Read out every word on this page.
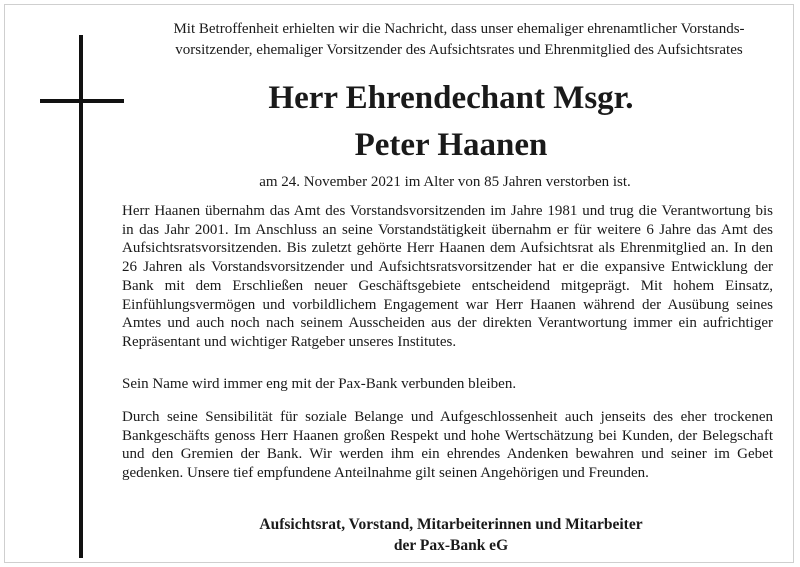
Mit Betroffenheit erhielten wir die Nachricht, dass unser ehemaliger ehrenamtlicher Vorstands-
vorsitzender, ehemaliger Vorsitzender des Aufsichtsrates und Ehrenmitglied des Aufsichtsrates
Herr Ehrendechant Msgr.
Peter Haanen
am 24. November 2021 im Alter von 85 Jahren verstorben ist.
Herr Haanen übernahm das Amt des Vorstandsvorsitzenden im Jahre 1981 und trug die Verantwortung bis in das Jahr 2001. Im Anschluss an seine Vorstandstätigkeit übernahm er für weitere 6 Jahre das Amt des Aufsichtsratsvorsitzenden. Bis zuletzt gehörte Herr Haanen dem Aufsichtsrat als Ehrenmitglied an. In den 26 Jahren als Vorstandsvorsitzender und Aufsichtsratsvorsitzender hat er die expansive Entwicklung der Bank mit dem Erschließen neuer Geschäftsgebiete entscheidend mitgeprägt. Mit hohem Einsatz, Einfühlungsvermögen und vorbildlichem Engagement war Herr Haanen während der Ausübung seines Amtes und auch noch nach seinem Ausscheiden aus der direkten Verantwortung immer ein aufrichtiger Repräsentant und wichtiger Ratgeber unseres Institutes.
Sein Name wird immer eng mit der Pax-Bank verbunden bleiben.
Durch seine Sensibilität für soziale Belange und Aufgeschlossenheit auch jenseits des eher trockenen Bankgeschäfts genoss Herr Haanen großen Respekt und hohe Wertschätzung bei Kunden, der Belegschaft und den Gremien der Bank. Wir werden ihm ein ehrendes Andenken bewahren und seiner im Gebet gedenken. Unsere tief empfundene Anteilnahme gilt seinen Angehörigen und Freunden.
Aufsichtsrat, Vorstand, Mitarbeiterinnen und Mitarbeiter
der Pax-Bank eG
